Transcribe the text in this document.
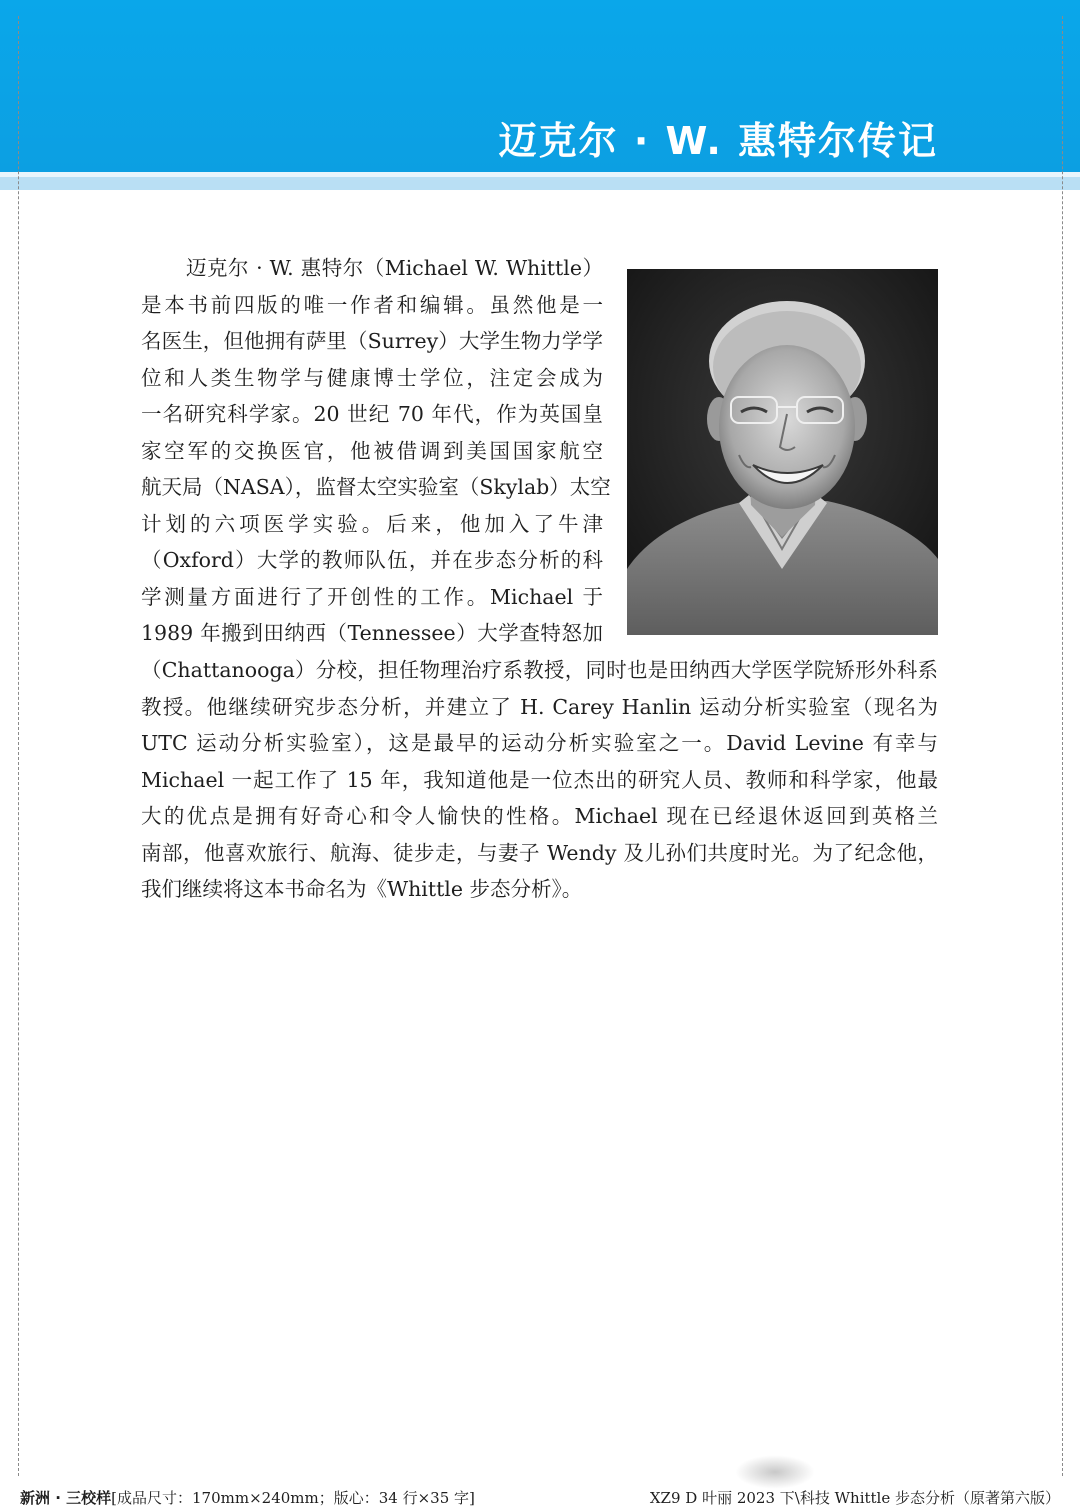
迈克尔 · W. 惠特尔传记
迈克尔 · W. 惠特尔（Michael W. Whittle）
是本书前四版的唯一作者和编辑。虽然他是一
名医生，但他拥有萨里（Surrey）大学生物力学学
位和人类生物学与健康博士学位，注定会成为
一名研究科学家。20 世纪 70 年代，作为英国皇
家空军的交换医官，他被借调到美国国家航空
航天局（NASA），监督太空实验室（Skylab）太空
计划的六项医学实验。后来，他加入了牛津
（Oxford）大学的教师队伍，并在步态分析的科
学测量方面进行了开创性的工作。Michael 于
1989 年搬到田纳西（Tennessee）大学查特怒加
（Chattanooga）分校，担任物理治疗系教授，同时也是田纳西大学医学院矫形外科系
教授。他继续研究步态分析，并建立了 H. Carey Hanlin 运动分析实验室（现名为
UTC 运动分析实验室），这是最早的运动分析实验室之一。David Levine 有幸与
Michael 一起工作了 15 年，我知道他是一位杰出的研究人员、教师和科学家，他最
大的优点是拥有好奇心和令人愉快的性格。Michael 现在已经退休返回到英格兰
南部，他喜欢旅行、航海、徒步走，与妻子 Wendy 及儿孙们共度时光。为了纪念他，
我们继续将这本书命名为《Whittle 步态分析》。
新洲 · 三校样[成品尺寸：170mm×240mm；版心：34 行×35 字]	XZ9 D 叶丽 2023 下\科技 Whittle 步态分析（原著第六版）
